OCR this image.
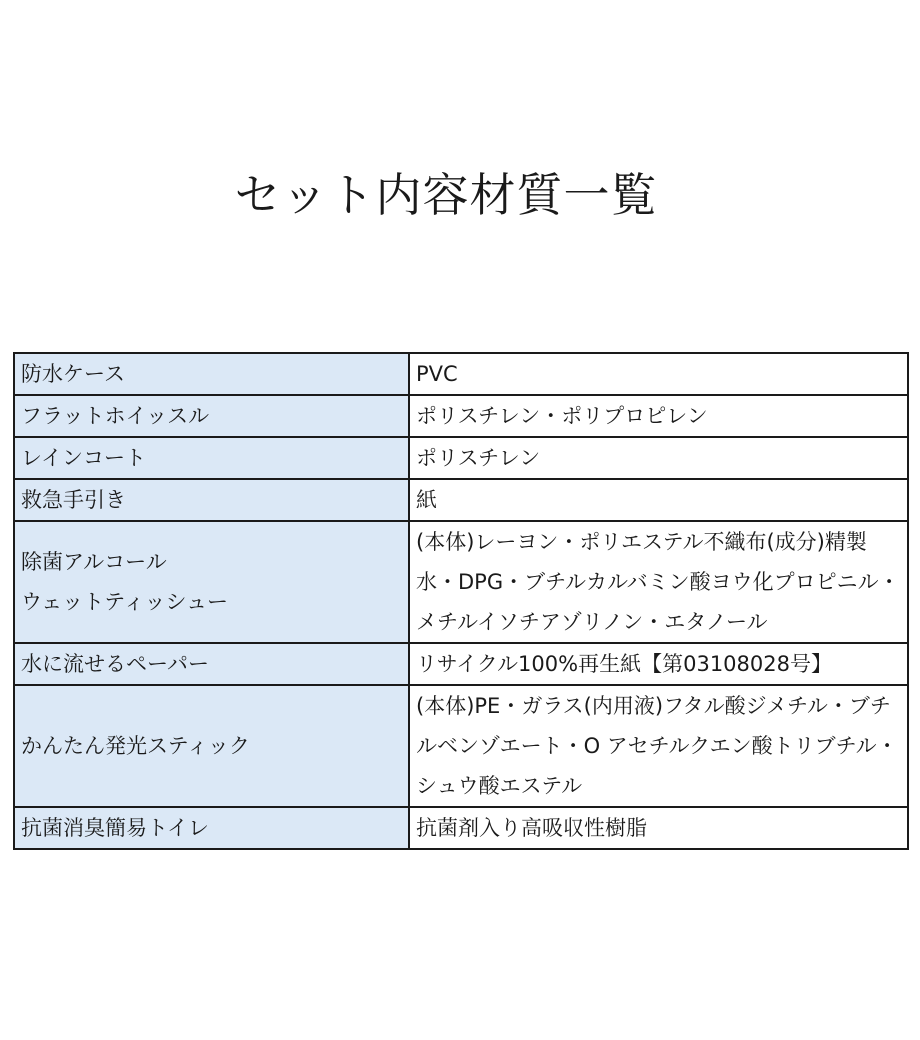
セット内容材質一覧
防水ケース	PVC
フラットホイッスル	ポリスチレン・ポリプロピレン
レインコート	ポリスチレン
救急手引き	紙
除菌アルコール
ウェットティッシュー	(本体)レーヨン・ポリエステル不織布(成分)精製水・DPG・ブチルカルバミン酸ヨウ化プロピニル・メチルイソチアゾリノン・エタノール
水に流せるペーパー	リサイクル100%再生紙【第03108028号】
かんたん発光スティック	(本体)PE・ガラス(内用液)フタル酸ジメチル・ブチルベンゾエート・O アセチルクエン酸トリブチル・シュウ酸エステル
抗菌消臭簡易トイレ	抗菌剤入り高吸収性樹脂
